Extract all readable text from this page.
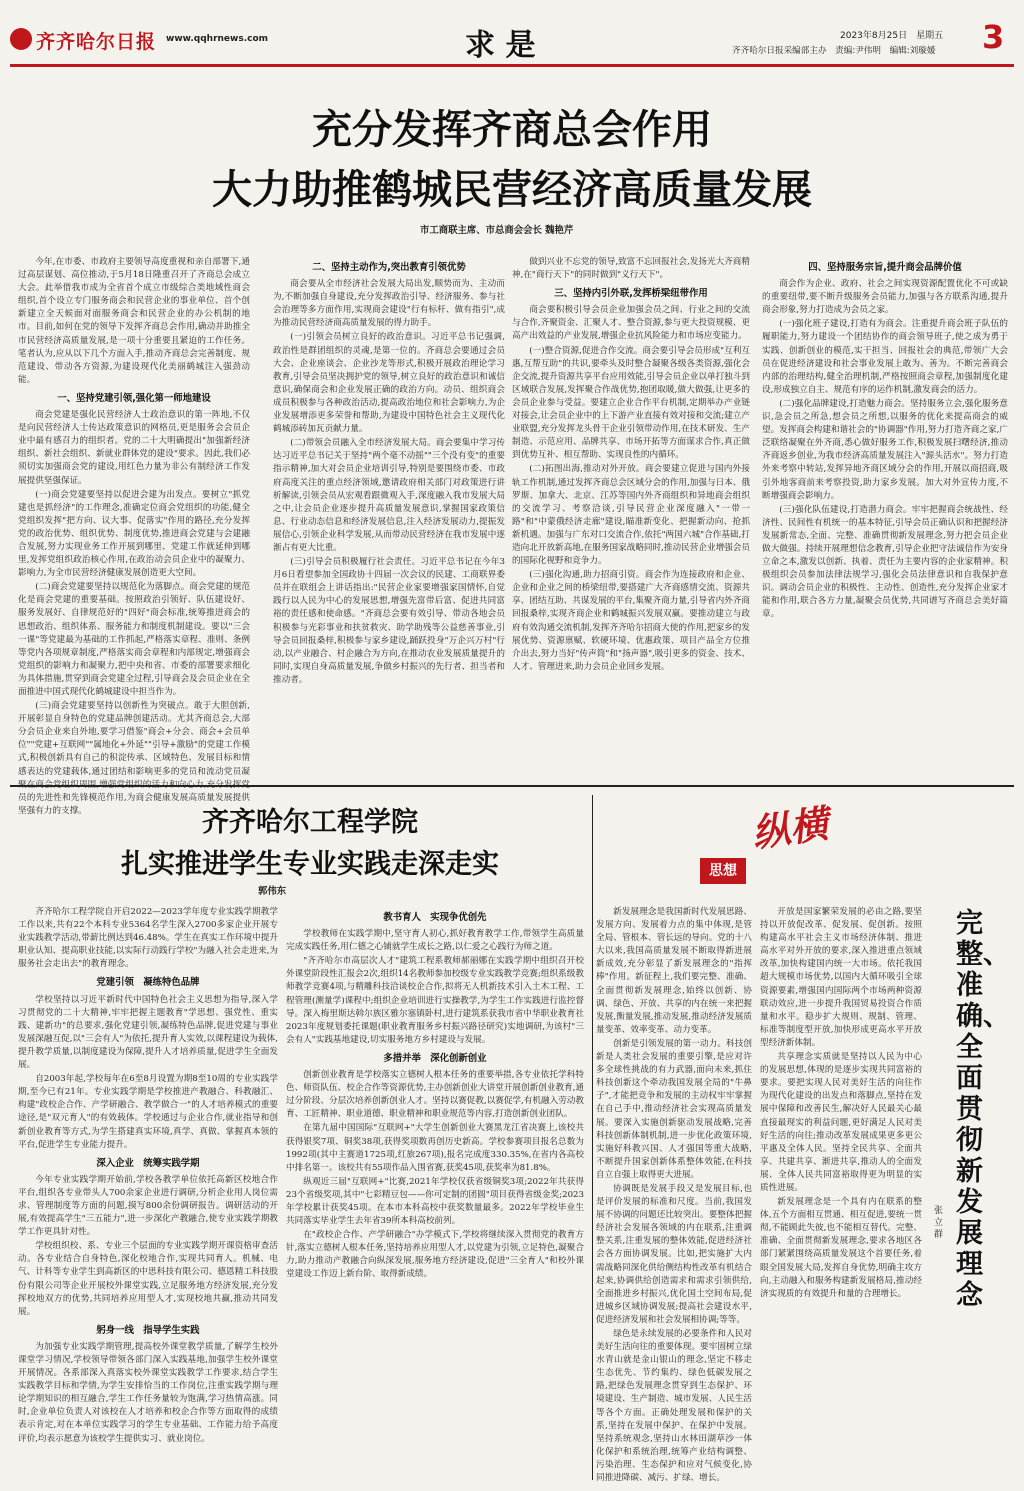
齐齐哈尔日报 www.qqhrnews.com	求 是	2023年8月25日　星期五
齐齐哈尔日报采编部主办　责编:尹伟明　编辑:刘璇媛 3
充分发挥齐商总会作用
大力助推鹤城民营经济高质量发展
市工商联主席、市总商会会长 魏艳芹

今年,在市委、市政府主要领导高度重视和亲自部署下,通过高层谋划、高位推动,于5月18日隆重召开了齐商总会成立大会。此举借我市成为全省首个成立市级综合类地域性商会组织,首个设立专门服务商会和民营企业的事业单位、首个创新建立全天候面对面服务商会和民营企业的办公机制的地市。目前,如何在党的领导下发挥齐商总会作用,确动并助推全市民营经济高质量发展,是一项十分重要且紧迫的工作任务。笔者认为,应从以下几个方面入手,推动齐商总会完善制度、规范建设、带动各方资源,为建设现代化美丽鹤城注入强劲动能。

一、坚持党建引领,强化第一师地建设

商会党建是强化民营经济人士政治意识的第一阵地,不仅是向民营经济人士传达政策意识的网格员,更是服务会会员企业中最有感召力的组织者。党的二十大明确提出"加强新经济组织、新社会组织、新就业群体党的建设"要求。因此,我们必须切实加强商会党的建设,用红色力量为非公有制经济工作发展提供坚强保证。

(一)商会党建要坚持以促进会建为出发点。要树立"抓党建也是抓经济"的工作理念,准确定位商会党组织的功能,健全党组织发挥"把方向、议大事、促落实"作用的路径,充分发挥党的政治优势、组织优势、制度优势,推进商会党建与会建融合发展,努力实现业务工作开展到哪里、党建工作就延伸到哪里,发挥党组织政治核心作用,在政治动会员企业中的凝聚力、影响力,为全市民营经济健康发展创造更大空间。

(二)商会党建要坚持以规范化为落脚点。商会党建的规范化是商会党建的重要基础。按照政治引领好、队伍建设好、服务发展好、自律规范好的"四好"商会标准,统筹推进商会的思想政治、组织体系、服务能力和制度机制建设。要以"三会一课"等党建最为基础的工作抓起,严格落实章程、准则、条例等党内各项规章制度,严格落实商会章程和内部规定,增强商会党组织的影响力和凝聚力,把中央和省、市委的部署要求细化为具体措施,贯穿到商会党建全过程,引导商会及会员企业在全面推进中国式现代化鹤城建设中担当作为。

(三)商会党建要坚持以创新性为突破点。敢于大胆创新,开展彰显自身特色的党建品牌创建活动。尤其齐商总会,大部分会员企业来自外地,要学习借鉴"商会+分会、商会+会员单位""党建+互联网""属地化+外延""引导+激励"的党建工作模式,积极创新具有自己的积淀传承、区域特色、发展目标和情感表达的党建载体,通过团结和影响更多的党员和流动党员凝 员的先进性和先锋模范作用,为商会健康发展高质量发展提供坚强有力的支撑。

二、坚持主动作为,突出教育引领优势

商会要从全市经济社会发展大局出发,顺势而为、主动而为,不断加强自身建设,充分发挥政治引导、经济服务、参与社会治理等多方面作用,实现商会建设"行有标杆、做有指引",成为推动民营经济商高质量发展的得力助手。

(一)引领会员树立良好的政治意识。习近平总书记强调,政治性是群团组织的灵魂,是第一位的。齐商总会要通过会员大会、企业座谈会、企业沙龙等形式,积极开展政治理论学习教育,引导会员坚决拥护党的领导,树立良好的政治意识和诚信意识,确保商会和企业发展正确的政治方向。动员、组织商会成员积极参与各种政治活动,提高政治地位和社会影响力,为企业发展增添更多荣誉和帮助,为建设中国特色社会主义现代化鹤城添砖加瓦贡献力量。

(二)带领会员融入全市经济发展大局。商会要集中学习传达习近平总书记关于坚持"两个毫不动摇""三个没有变"的重要指示精神,加大对会员企业培训引导,特别是要围绕市委、市政府高度关注的重点经济领域,邀请政府相关部门对政策进行讲析解读,引领会员从宏观看跟微观入手,深度融入我市发展大局之中,让会员企业逐步提升高质量发展意识,掌握国家政策信息、行业动态信息和经济发展信息,注入经济发展动力,提振发展信心,引领企业科学发展,从而带动民营经济在我市发展中逐渐占有更大比重。

(三)引导会员积极履行社会责任。习近平总书记在今年3月6日看望参加全国政协十四届一次会议的民建、工商联界委员并在联组会上讲话指出:"民营企业家要增强家国情怀,自觉践行以人民为中心的发展思想,增强先富带后富、促进共同富裕的责任感和使命感。"齐商总会要有效引导、带动各地会员积极参与光彩事业和扶贫救灾、助学助残等公益慈善事业,引导会员回报桑梓,积极参与家乡建设,踊跃投身"万企兴万村"行动,以产业融合、村企融合为方向,在推动农业发展质量提升的同时,实现自身高质量发展,争做乡村振兴的先行者、担当者和推动者。

做到兴业不忘党的领导,致富不忘回报社会,发扬光大齐商精神,在"商行天下"的同时做到"义行天下"。

三、坚持内引外联,发挥桥梁纽带作用

商会要积极引导会员企业加强会员之间、行业之间的交流与合作,齐聚资金、汇聚人才、整合资源,参与更大投资规模、更高产出效益的产业发展,增强企业抗风险能力和市场应变能力。

(一)整合资源,促进合作交流。商会要引导会员形成"互利互惠,互帮互助"的共识,要牵头及时整合凝聚各级各类资源,强化会企交流,提升资源共享平台应用效能,引导会员企业以单打独斗到区域联合发展,发挥聚合作战优势,抱团取暖,做大做强,让更多的会员企业参与受益。要建立企业合作平台机制,定期举办产业链对接会,让会员企业中的上下游产业直接有效对接和交流;建立产业联盟,充分发挥龙头骨干企业引领带动作用,在技术研发、生产制造、示范应用、品牌共享、市场开拓等方面谋求合作,真正做到优势互补、相互帮助、实现良性的内循环。

(二)拓图出海,推动对外开放。商会要建立促进与国内外接轨工作机制,通过发挥齐商总会区域分会的作用,加强与日本、俄罗斯、加拿大、北京、江苏等国内外齐商组织和异地商会组织的交流学习、考察洽谈,引导民营企业深度融入"一带一路"和"中蒙俄经济走廊"建设,瞄准新变化、把握新动向、抢抓新机遇。加强与广东对口交流合作,依托"两国六城"合作基础,打造向北开放新高地,在服务国家战略同时,推动民营企业增强会员的国际化视野和竞争力。

(三)强化沟通,助力招商引资。商会作为连接政府和企业、企业和企业之间的桥梁纽带,要搭建广大齐商感情交流、资源共享、团结互助、共谋发展的平台,集聚齐商力量,引导省内外齐商回报桑梓,实现齐商企业和鹤城振兴发展双赢。要推动建立与政府有效沟通交流机制,发挥齐齐哈尔招商大使的作用,把家乡的发展优势、资源禀赋、软硬环境、优惠政策、项目产品全方位推介出去,努力当好"传声筒"和"扬声器",吸引更多的资金、技术、人才、管理进来,助力会员企业回乡发展。

四、坚持服务宗旨,提升商会品牌价值

商会作为企业、政府、社会之间实现资源配置优化不可或缺的重要纽带,要不断升级服务会员能力,加强与各方联系沟通,提升商会形象,努力打造成为会员之家。

(一)强化班子建设,打造有为商会。注重提升商会班子队伍的履职能力,努力建设一个团结协作的商会领导班子,使之成为勇于实践、创新创业的模范,实干担当、回报社会的典范,带领广大会员在促进经济建设和社会事业发展上敢为、善为。不断完善商会内部的治理结构,健全治理机制,严格按照商会章程,加强制度化建设,形成独立自主、规范有序的运作机制,激发商会的活力。

(二)强化品牌建设,打造魅力商会。坚持服务立会,强化服务意识,急会员之所急,想会员之所想,以服务的优化来提高商会的威望。发挥商会构建和谐社会的"协调器"作用,努力打造齐商之家,广泛联络凝聚在外齐商,悉心做好服务工作,积极发展扫曙经济,推动齐商返乡创业,为我市经济高质量发展注入"源头活水"。努力打造外来考察中转站,发挥异地齐商区域分会的作用,开展以商招商,吸引外地客商前来考察投资,助力家乡发展。加大对外宣传力度,不断增强商会影响力。

(三)强化队伍建设,打造潜力商会。牢牢把握商会统战性、经济性、民间性有机统一的基本特征,引导会员正确认识和把握经济发展新常态,全面、完整、准确贯彻新发展理念,努力把会员企业做大做强。持续开展理想信念教育,引导企业把守法诚信作为安身立命之本,激发以创新、执着、责任为主要内容的企业家精神。积极组织会员参加法律法规学习,强化会员法律意识和自我保护意识。调动会员企业的积极性、主动性、创造性,充分发挥企业家才能和作用,联合各方力量,凝聚会员优势,共同谱写齐商总会美好篇章。

齐齐哈尔工程学院
扎实推进学生专业实践走深走实
郭伟东

齐齐哈尔工程学院自开启2022—2023学年度专业实践学期教学工作以来,共有22个本科专业5364名学生深入2700多家企业开展专业实践教学活动,带薪比例达到46.48%。学生在真实工作环境中提升职业认知、提高职业技能,以实际行动践行学校"为融入社会走进来,为服务社会走出去"的教育理念。

党建引领　凝练特色品牌

学校坚持以习近平新时代中国特色社会主义思想为指导,深入学习贯彻党的二十大精神,牢牢把握主题教育"学思想、强党性、重实践、建新功"的总要求,强化党建引领,凝练特色品牌,促进党建与事业发展深融互促,以"三会有人"为依托,提升育人实效,以课程建设为载体,提升教学质量,以制度建设为保障,提升人才培养质量,促进学生全面发展。

自2003年起,学校每年在6至8月设置为期8至10周的专业实践学期,至今已有21年。专业实践学期是学校推进产教融合、科教融汇、构建"政校企合作、产学研融合、教学做合一"的人才培养模式的重要途径,是"双元育人"的有效载体。学校通过与企业合作,就业指导和创新创业教育等方式,为学生搭建真实环境,真学、真做、掌握真本领的平台,促进学生专业能力提升。

深入企业　统筹实践学期

今年专业实践学期开始前,学校各教学单位依托高新区校地合作平台,组织各专业带头人700余家企业进行调研,分析企业用人岗位需求、管理制度等方面的问题,摸写800余份调研报告。调研活动的开展,有效提高学生"三五能力",进一步深化产教融合,使专业实践学期教学工作更具针对性。

学校组织校、系、专业三个层面的专业实践学期开课资格审查活动。各专业结合自身特色,深化校地合作,实现共同育人。机械、电气、计科等专业学生到高新区的中思科技有限公司、德恩精工科技股份有限公司等企业开展校外课堂实践,立足服务地方经济发展,充分发挥校地双方的优势,共同培养应用型人才,实现校地共赢,推动共同发展。

躬身一线　指导学生实践

为加强专业实践学期管理,提高校外课堂教学质量,了解学生校外课堂学习情况,学校领导带领各部门深入实践基地,加强学生校外课堂开展情况。各系部深入真落实校外课堂实践教学工作要求,结合学生实践教学目标和学情,为学生安排恰当的工作岗位,注重实践学期与理论学期知识的相互融合,学生工作任务量较为饱满,学习热情高涨。同时,企业单位负责人对该校在人才培养和校企合作等方面取得的成绩表示肯定,对在本单位实践学习的学生专业基础、工作能力给予高度评价,均表示愿意为该校学生提供实习、就业岗位。

教书育人　实现争优创先

学校教师在实践学期中,坚守育人初心,抓好教育教学工作,带领学生高质量完成实践任务,用仁德之心铺就学生成长之路,以仁爱之心践行为师之道。

"齐齐哈尔市高层次人才"建筑工程系教师郝丽娜在实践学期中组织召开校外课堂阶段性汇报会2次,组织14名教师参加校级专业实践教学竞赛;组织系级教师教学竞赛4项,与精雕科技洽谈校企合作,拟将无人机新技术引入土木工程、工程管理(测量学)课程中;组织企业培训进行实操教学,为学生工作实践进行监控督导。深入梅里斯达斡尔族区雅尔塞镇卧村,进行建筑系获我市省中华职业教育社2023年度规划委托课题(职业教育服务乡村振兴路径研究)实地调研,为该村"三会有人"实践基地建设,切实服务地方乡村建设与发展。

多措并举　深化创新创业

创新创业教育是学校落实立德树人根本任务的重要举措,各专业依托学科特色、师资队伍、校企合作等资源优势,主办创新创业大讲堂开展创新创业教育,通过分阶段、分层次培养创新创业人才。坚持以赛促教,以赛促学,有机融入劳动教育、工匠精神、职业道德、职业精神和职业规范等内容,打造创新创业团队。

在第九届中国国际"互联网+"大学生创新创业大赛黑龙江省决赛上,该校共获得银奖7项、铜奖38项,获得奖项数再创历史新高。学校参赛项目报名总数为1992项(其中主赛道1725项,红旅267项),报名完成度330.35%,在省内各高校中排名第一。该校共有55项作品入围省赛,获奖45项,获奖率为81.8%。

纵观近三届"互联网+"比赛,2021年学校仅获省级铜奖3项;2022年共获得23个省级奖项,其中"七彩精豆包——你可定制的团圆"项目获得省级金奖;2023年学校累计获奖45项。在本市本科高校中获奖数量最多。2022年学校毕业生共同落实毕业学生去年省39所本科高校前列。

在"政校企合作、产学研融合"办学模式下,学校将继续深入贯彻党的教育方针,落实立德树人根本任务,坚持培养应用型人才,以党建为引领,立足特色,凝聚合力,助力推动产教融合向纵深发展,服务地方经济建设,促进"三全育人"和校外课堂建设工作迈上新台阶、取得新成绩。

思想
纵横
完整、准确、全面贯彻新发展理念
张立群

新发展理念是我国新时代发展思路、发展方向、发展着力点的集中体现,是管全局、管根本、管长远的导向。党的十八大以来,我国高质量发展不断取得新进展新成效,充分彰显了新发展理念的"指挥棒"作用。新征程上,我们要完整、准确、全面贯彻新发展理念,始终以创新、协调、绿色、开放、共享的内在统一来把握发展,衡量发展,推动发展,推动经济发展质量变革、效率变革、动力变革。

创新是引领发展的第一动力。科技创新是人类社会发展的重要引擎,是应对许多全球性挑战的有力武器,面向未来,抓住科技创新这个牵动我国发展全局的"牛鼻子",才能把竞争和发展的主动权牢牢掌握在自己手中,推动经济社会实现高质量发展。要深入实施创新驱动发展战略,完善科技创新体制机制,进一步优化政策环境,实施好科教兴国、人才强国等重大战略,不断提升国家创新体系整体效能,在科技自立自强上取得更大进展。

协调既是发展手段又是发展目标,也是评价发展的标准和尺度。当前,我国发展不协调的问题还比较突出。要整体把握经济社会发展各领域的内在联系,注重调整关系,注重发展的整体效能,促进经济社会各方面协调发展。比如,把实施扩大内需战略同深化供给侧结构性改革有机结合起来,协调供给创造需求和需求引领供给,全面推进乡村振兴,优化国土空间布局,促进城乡区域协调发展;提高社会建设水平,促进经济发展和社会发展相协调;等等。

绿色是永续发展的必要条件和人民对美好生活向往的重要体现。要牢固树立绿水青山就是金山银山的理念,坚定不移走生态优先、节约集约、绿色低碳发展之路,把绿色发展理念贯穿到生态保护、环境建设、生产制造、城市发展、人民生活等各个方面。正确处理发展和保护的关系,坚持在发展中保护、在保护中发展。坚持系统观念,坚持山水林田湖草沙一体化保护和系统治理,统筹产业结构调整、污染治理、生态保护和应对气候变化,协同推进降碳、减污、扩绿、增长。

开放是国家繁荣发展的必由之路,要坚持以开放促改革、促发展、促创新。按照构建高水平社会主义市场经济体制、推进高水平对外开放的要求,深入推进重点领域改革,加快构建国内统一大市场。依托我国超大规模市场优势,以国内大循环吸引全球资源要素,增强国内国际两个市场两种资源联动效应,进一步提升我国贸易投资合作质量和水平。稳步扩大规则、规制、管理、标准等制度型开放,加快形成更高水平开放型经济新体制。

共享理念实质就是坚持以人民为中心的发展思想,体现的是逐步实现共同富裕的要求。要把实现人民对美好生活的向往作为现代化建设的出发点和落脚点,坚持在发展中保障和改善民生,解决好人民最关心最直接最现实的利益问题,更好满足人民对美好生活的向往;推动改革发展成果更多更公平惠及全体人民。坚持全民共享、全面共享、共建共享、渐进共享,推动人的全面发展、全体人民共同富裕取得更为明显的实质性进展。

新发展理念是一个具有内在联系的整体,五个方面相互贯通、相互促进,要统一贯彻,不能顾此失彼,也不能相互替代。完整、准确、全面贯彻新发展理念,要求各地区各部门紧紧围绕高质量发展这个首要任务,着眼全国发展大局,发挥自身优势,明确主攻方向,主动融入和服务构建新发展格局,推动经济实现质的有效提升和量的合理增长。
